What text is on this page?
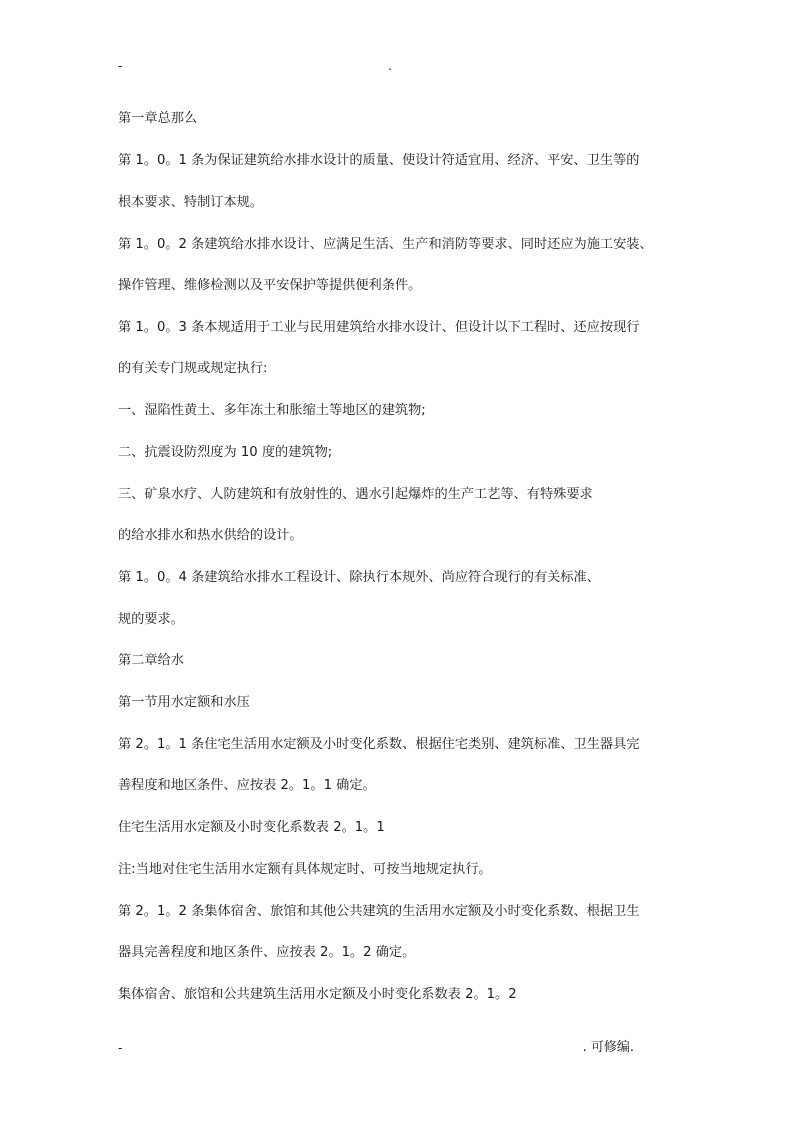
-	.
第一章总那么
第 1。0。1 条为保证建筑给水排水设计的质量、使设计符适宜用、经济、平安、卫生等的
根本要求、特制订本规。
第 1。0。2 条建筑给水排水设计、应满足生活、生产和消防等要求、同时还应为施工安装、
操作管理、维修检测以及平安保护等提供便利条件。
第 1。0。3 条本规适用于工业与民用建筑给水排水设计、但设计以下工程时、还应按现行
的有关专门规或规定执行:
一、湿陷性黄土、多年冻土和胀缩土等地区的建筑物;
二、抗震设防烈度为 10 度的建筑物;
三、矿泉水疗、人防建筑和有放射性的、遇水引起爆炸的生产工艺等、有特殊要求
的给水排水和热水供给的设计。
第 1。0。4 条建筑给水排水工程设计、除执行本规外、尚应符合现行的有关标准、
规的要求。
第二章给水
第一节用水定额和水压
第 2。1。1 条住宅生活用水定额及小时变化系数、根据住宅类别、建筑标准、卫生器具完
善程度和地区条件、应按表 2。1。1 确定。
住宅生活用水定额及小时变化系数表 2。1。1
注:当地对住宅生活用水定额有具体规定时、可按当地规定执行。
第 2。1。2 条集体宿舍、旅馆和其他公共建筑的生活用水定额及小时变化系数、根据卫生
器具完善程度和地区条件、应按表 2。1。2 确定。
集体宿舍、旅馆和公共建筑生活用水定额及小时变化系数表 2。1。2
-	. 可修编.
